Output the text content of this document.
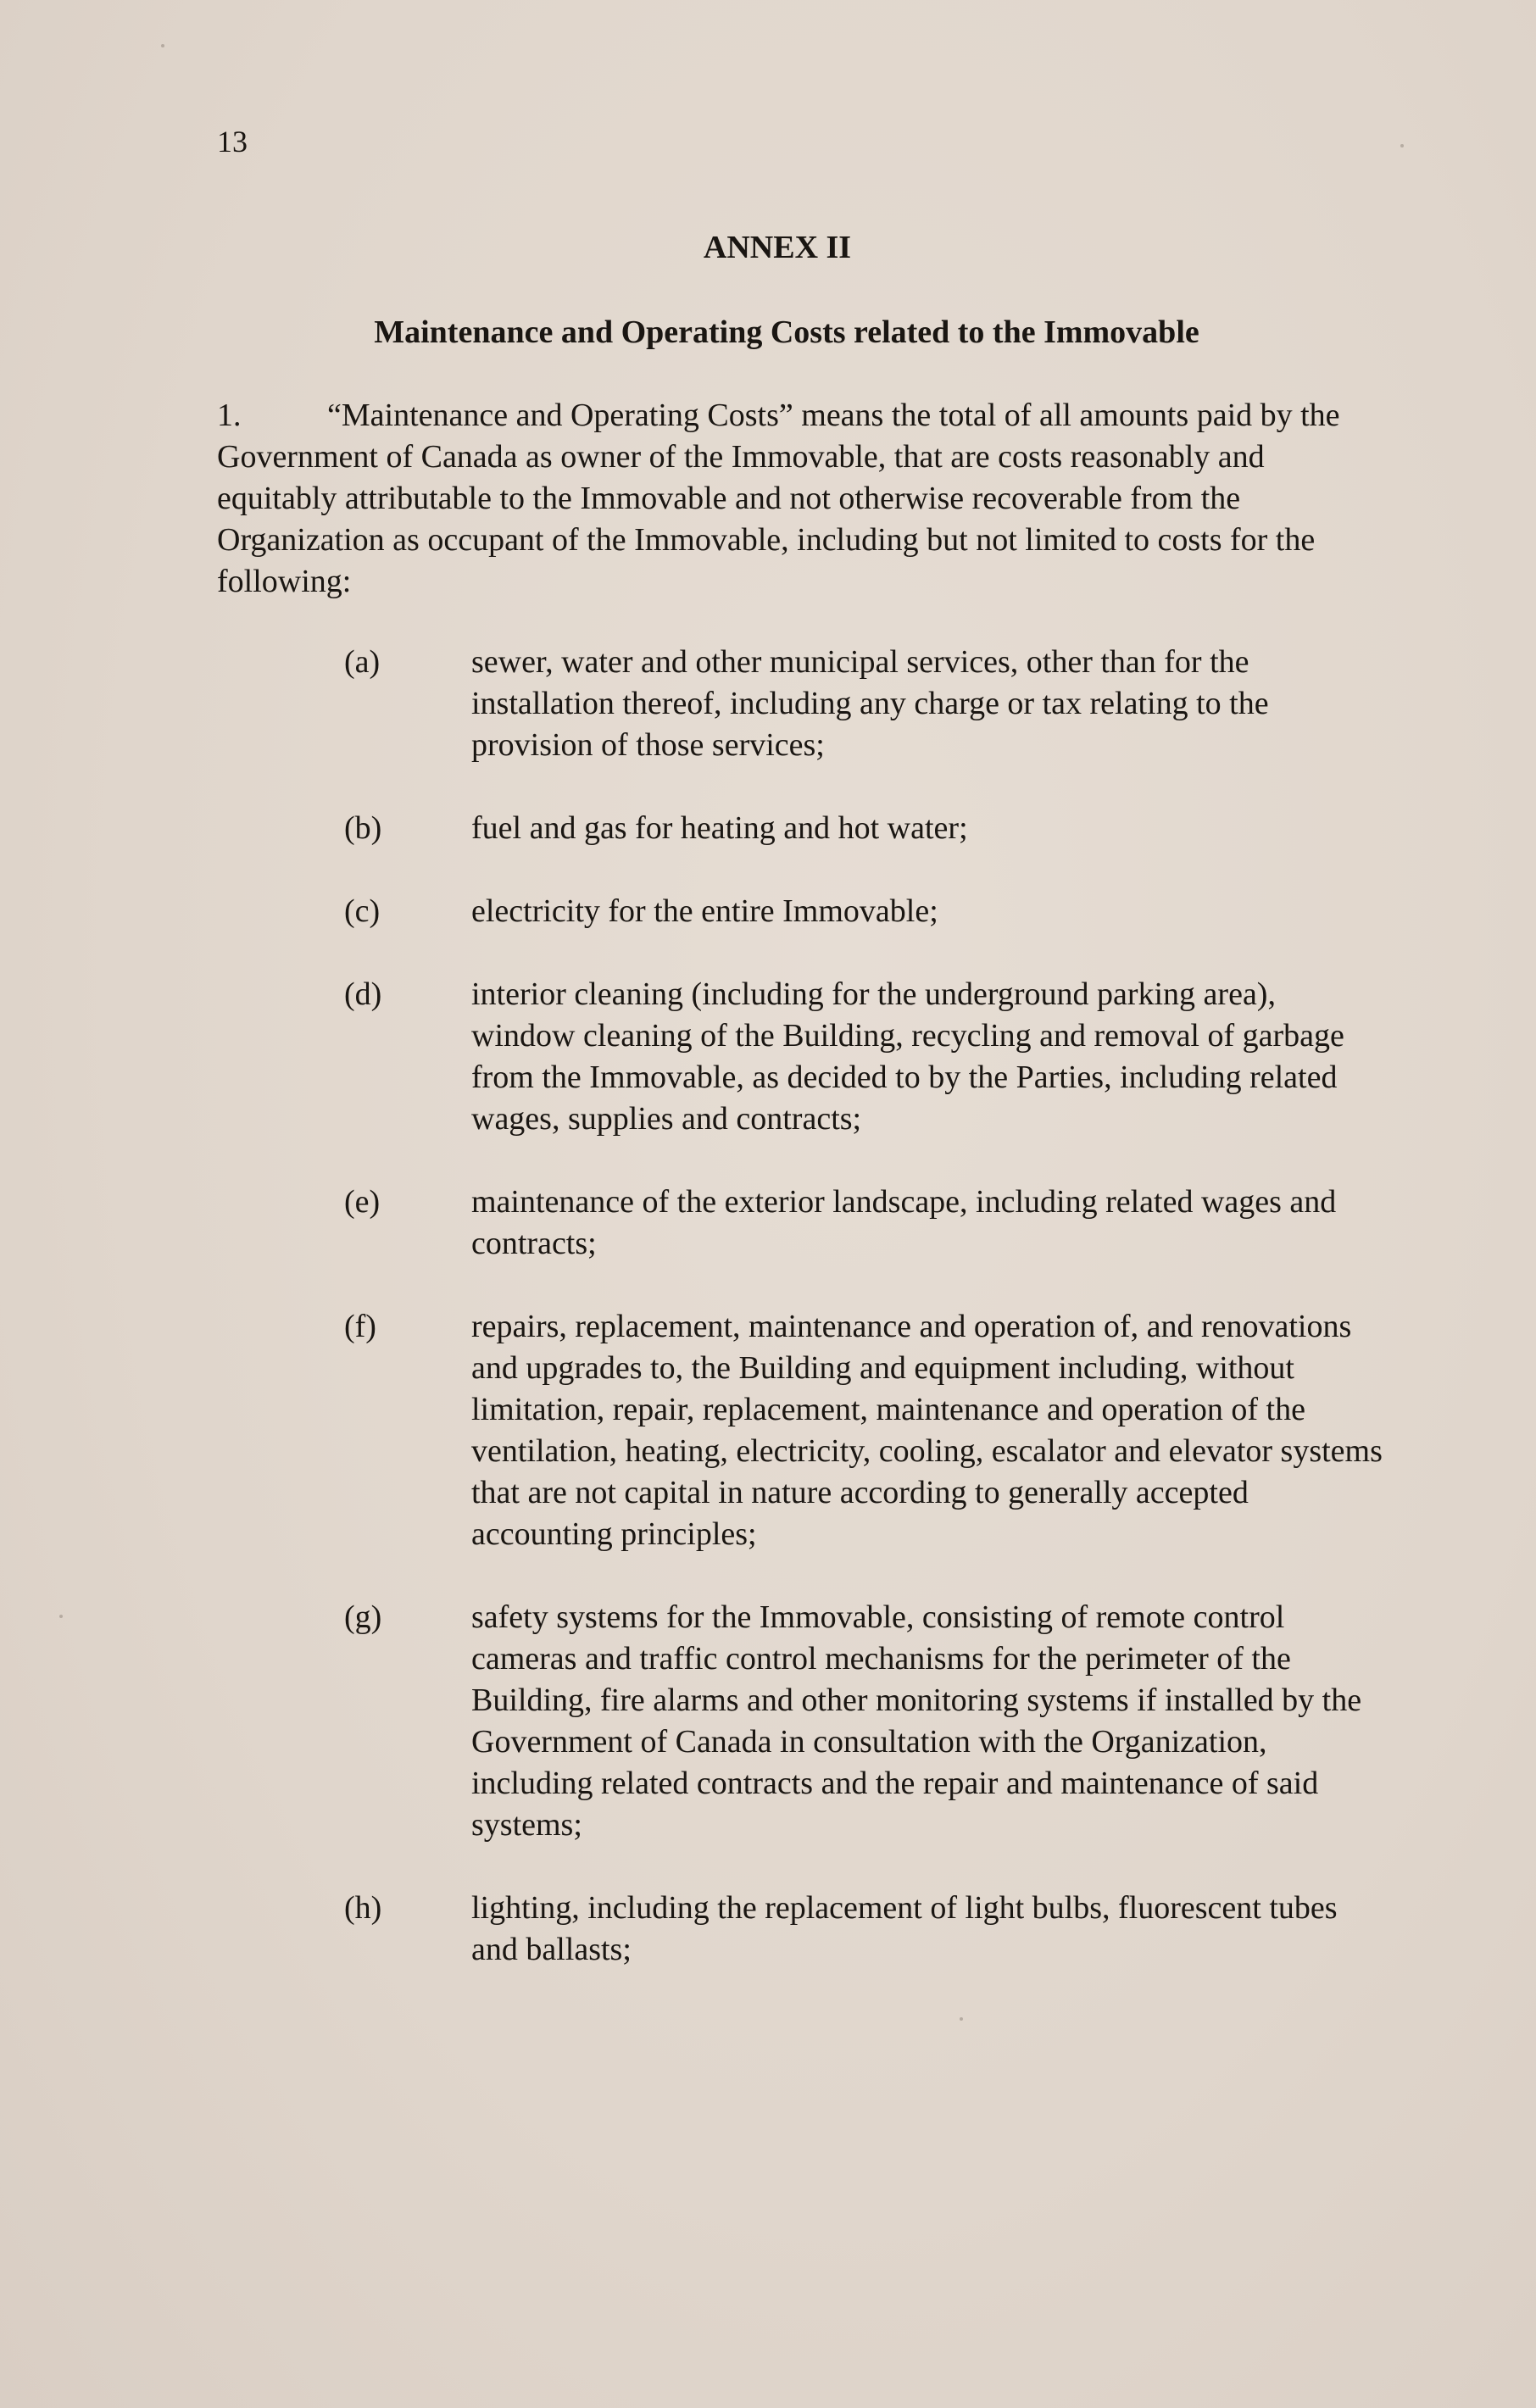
13
ANNEX II
Maintenance and Operating Costs related to the Immovable
1.	“Maintenance and Operating Costs” means the total of all amounts paid by the Government of Canada as owner of the Immovable, that are costs reasonably and equitably attributable to the Immovable and not otherwise recoverable from the Organization as occupant of the Immovable, including but not limited to costs for the following:
(a)	sewer, water and other municipal services, other than for the installation thereof, including any charge or tax relating to the provision of those services;
(b)	fuel and gas for heating and hot water;
(c)	electricity for the entire Immovable;
(d)	interior cleaning (including for the underground parking area), window cleaning of the Building, recycling and removal of garbage from the Immovable, as decided to by the Parties, including related wages, supplies and contracts;
(e)	maintenance of the exterior landscape, including related wages and contracts;
(f)	repairs, replacement, maintenance and operation of, and renovations and upgrades to, the Building and equipment including, without limitation, repair, replacement, maintenance and operation of the ventilation, heating, electricity, cooling, escalator and elevator systems that are not capital in nature according to generally accepted accounting principles;
(g)	safety systems for the Immovable, consisting of remote control cameras and traffic control mechanisms for the perimeter of the Building, fire alarms and other monitoring systems if installed by the Government of Canada in consultation with the Organization, including related contracts and the repair and maintenance of said systems;
(h)	lighting, including the replacement of light bulbs, fluorescent tubes and ballasts;
